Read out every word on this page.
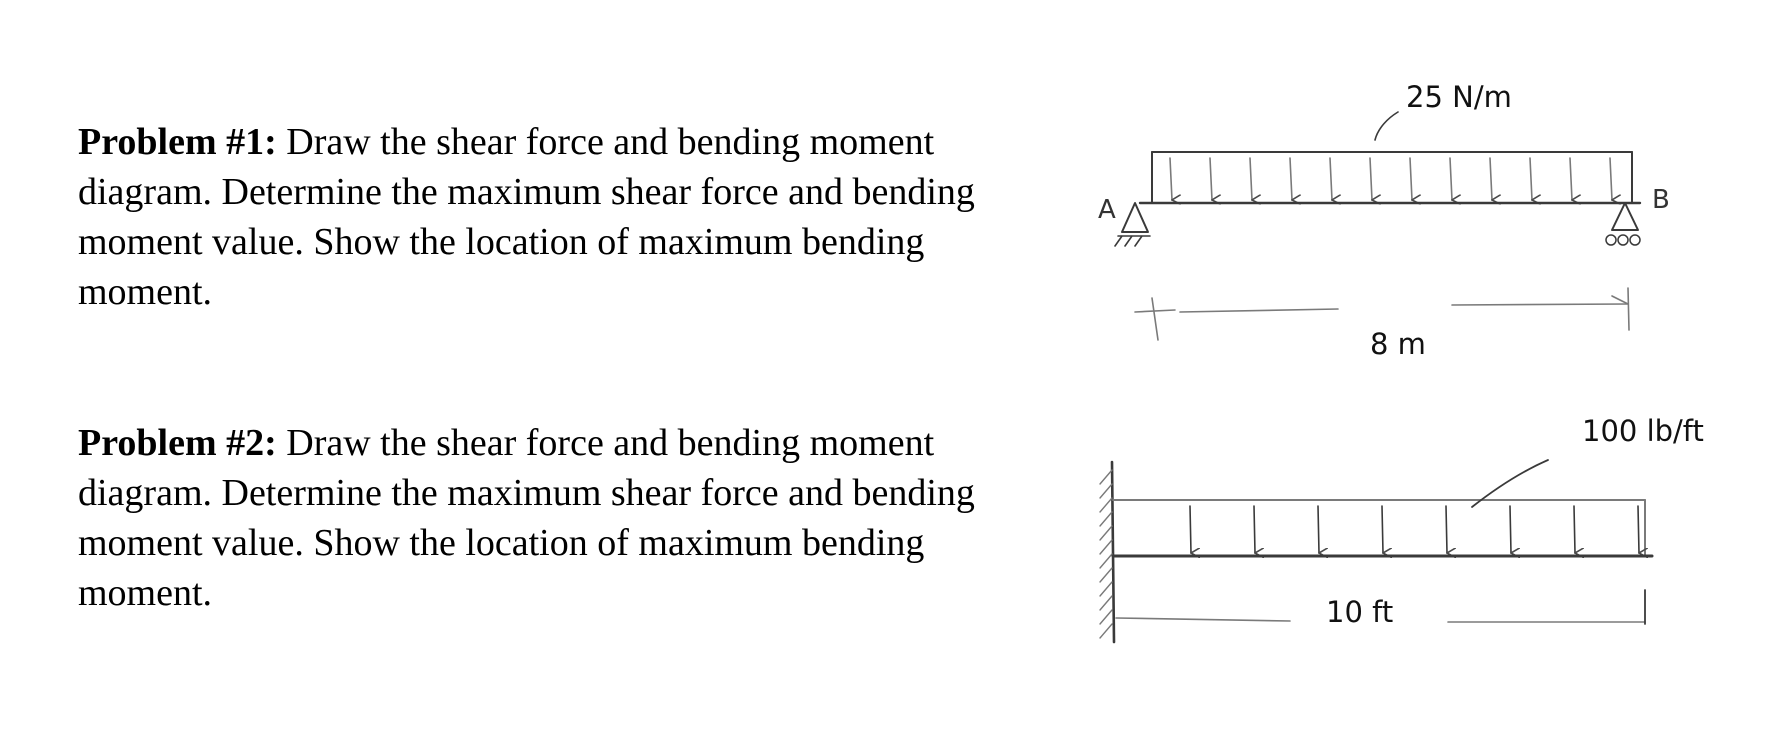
Problem #1: Draw the shear force and bending moment diagram. Determine the maximum shear force and bending moment value. Show the location of maximum bending moment.
Problem #2: Draw the shear force and bending moment diagram. Determine the maximum shear force and bending moment value. Show the location of maximum bending moment.
A	B
25 N/m
8 m
100 lb/ft
10 ft
